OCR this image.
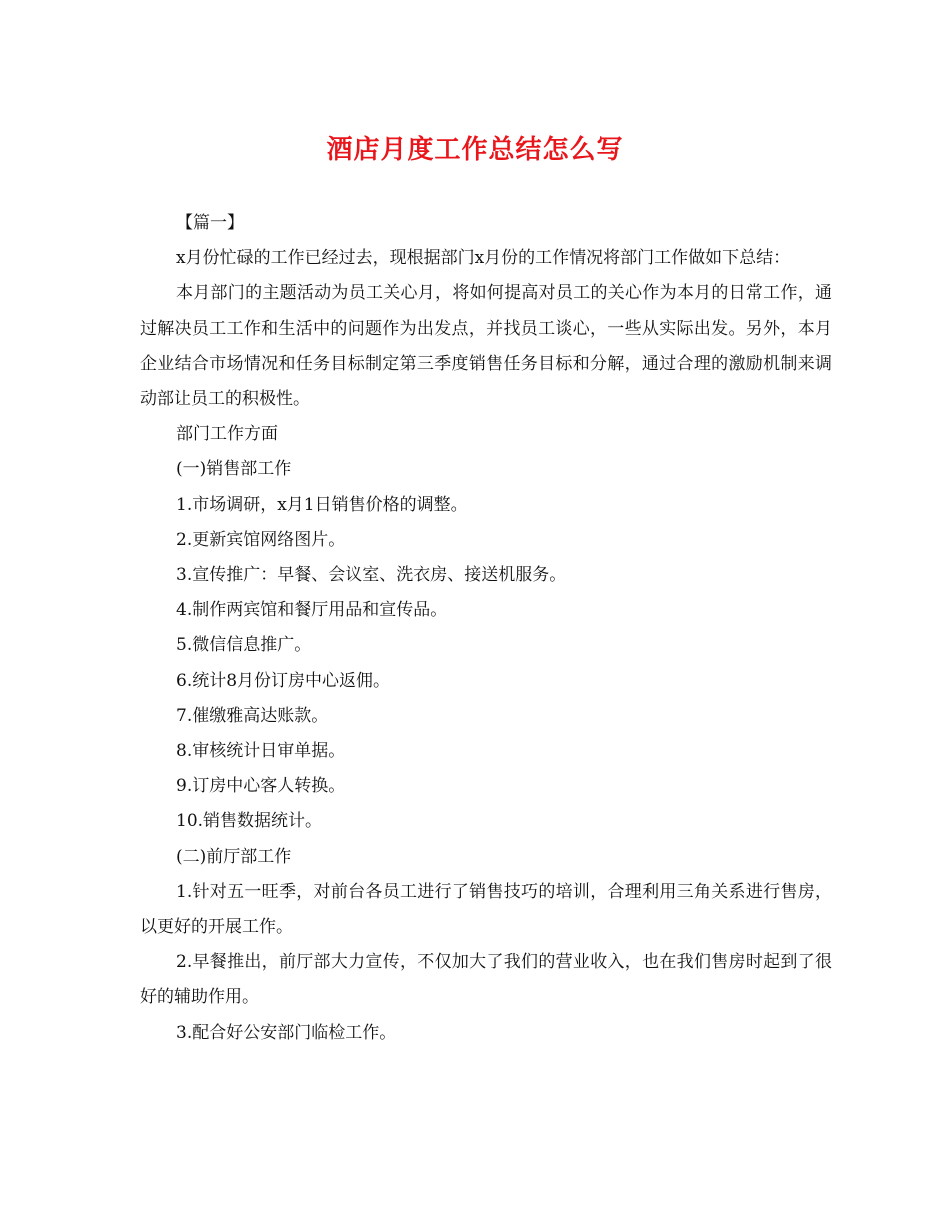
酒店月度工作总结怎么写

【篇一】

x月份忙碌的工作已经过去，现根据部门x月份的工作情况将部门工作做如下总结：

本月部门的主题活动为员工关心月，将如何提高对员工的关心作为本月的日常工作，通过解决员工工作和生活中的问题作为出发点，并找员工谈心，一些从实际出发。另外，本月企业结合市场情况和任务目标制定第三季度销售任务目标和分解，通过合理的激励机制来调动部让员工的积极性。

部门工作方面

(一)销售部工作

1.市场调研，x月1日销售价格的调整。

2.更新宾馆网络图片。

3.宣传推广：早餐、会议室、洗衣房、接送机服务。

4.制作两宾馆和餐厅用品和宣传品。

5.微信信息推广。

6.统计8月份订房中心返佣。

7.催缴雅高达账款。

8.审核统计日审单据。

9.订房中心客人转换。

10.销售数据统计。

(二)前厅部工作

1.针对五一旺季，对前台各员工进行了销售技巧的培训，合理利用三角关系进行售房，以更好的开展工作。

2.早餐推出，前厅部大力宣传，不仅加大了我们的营业收入，也在我们售房时起到了很好的辅助作用。

3.配合好公安部门临检工作。
